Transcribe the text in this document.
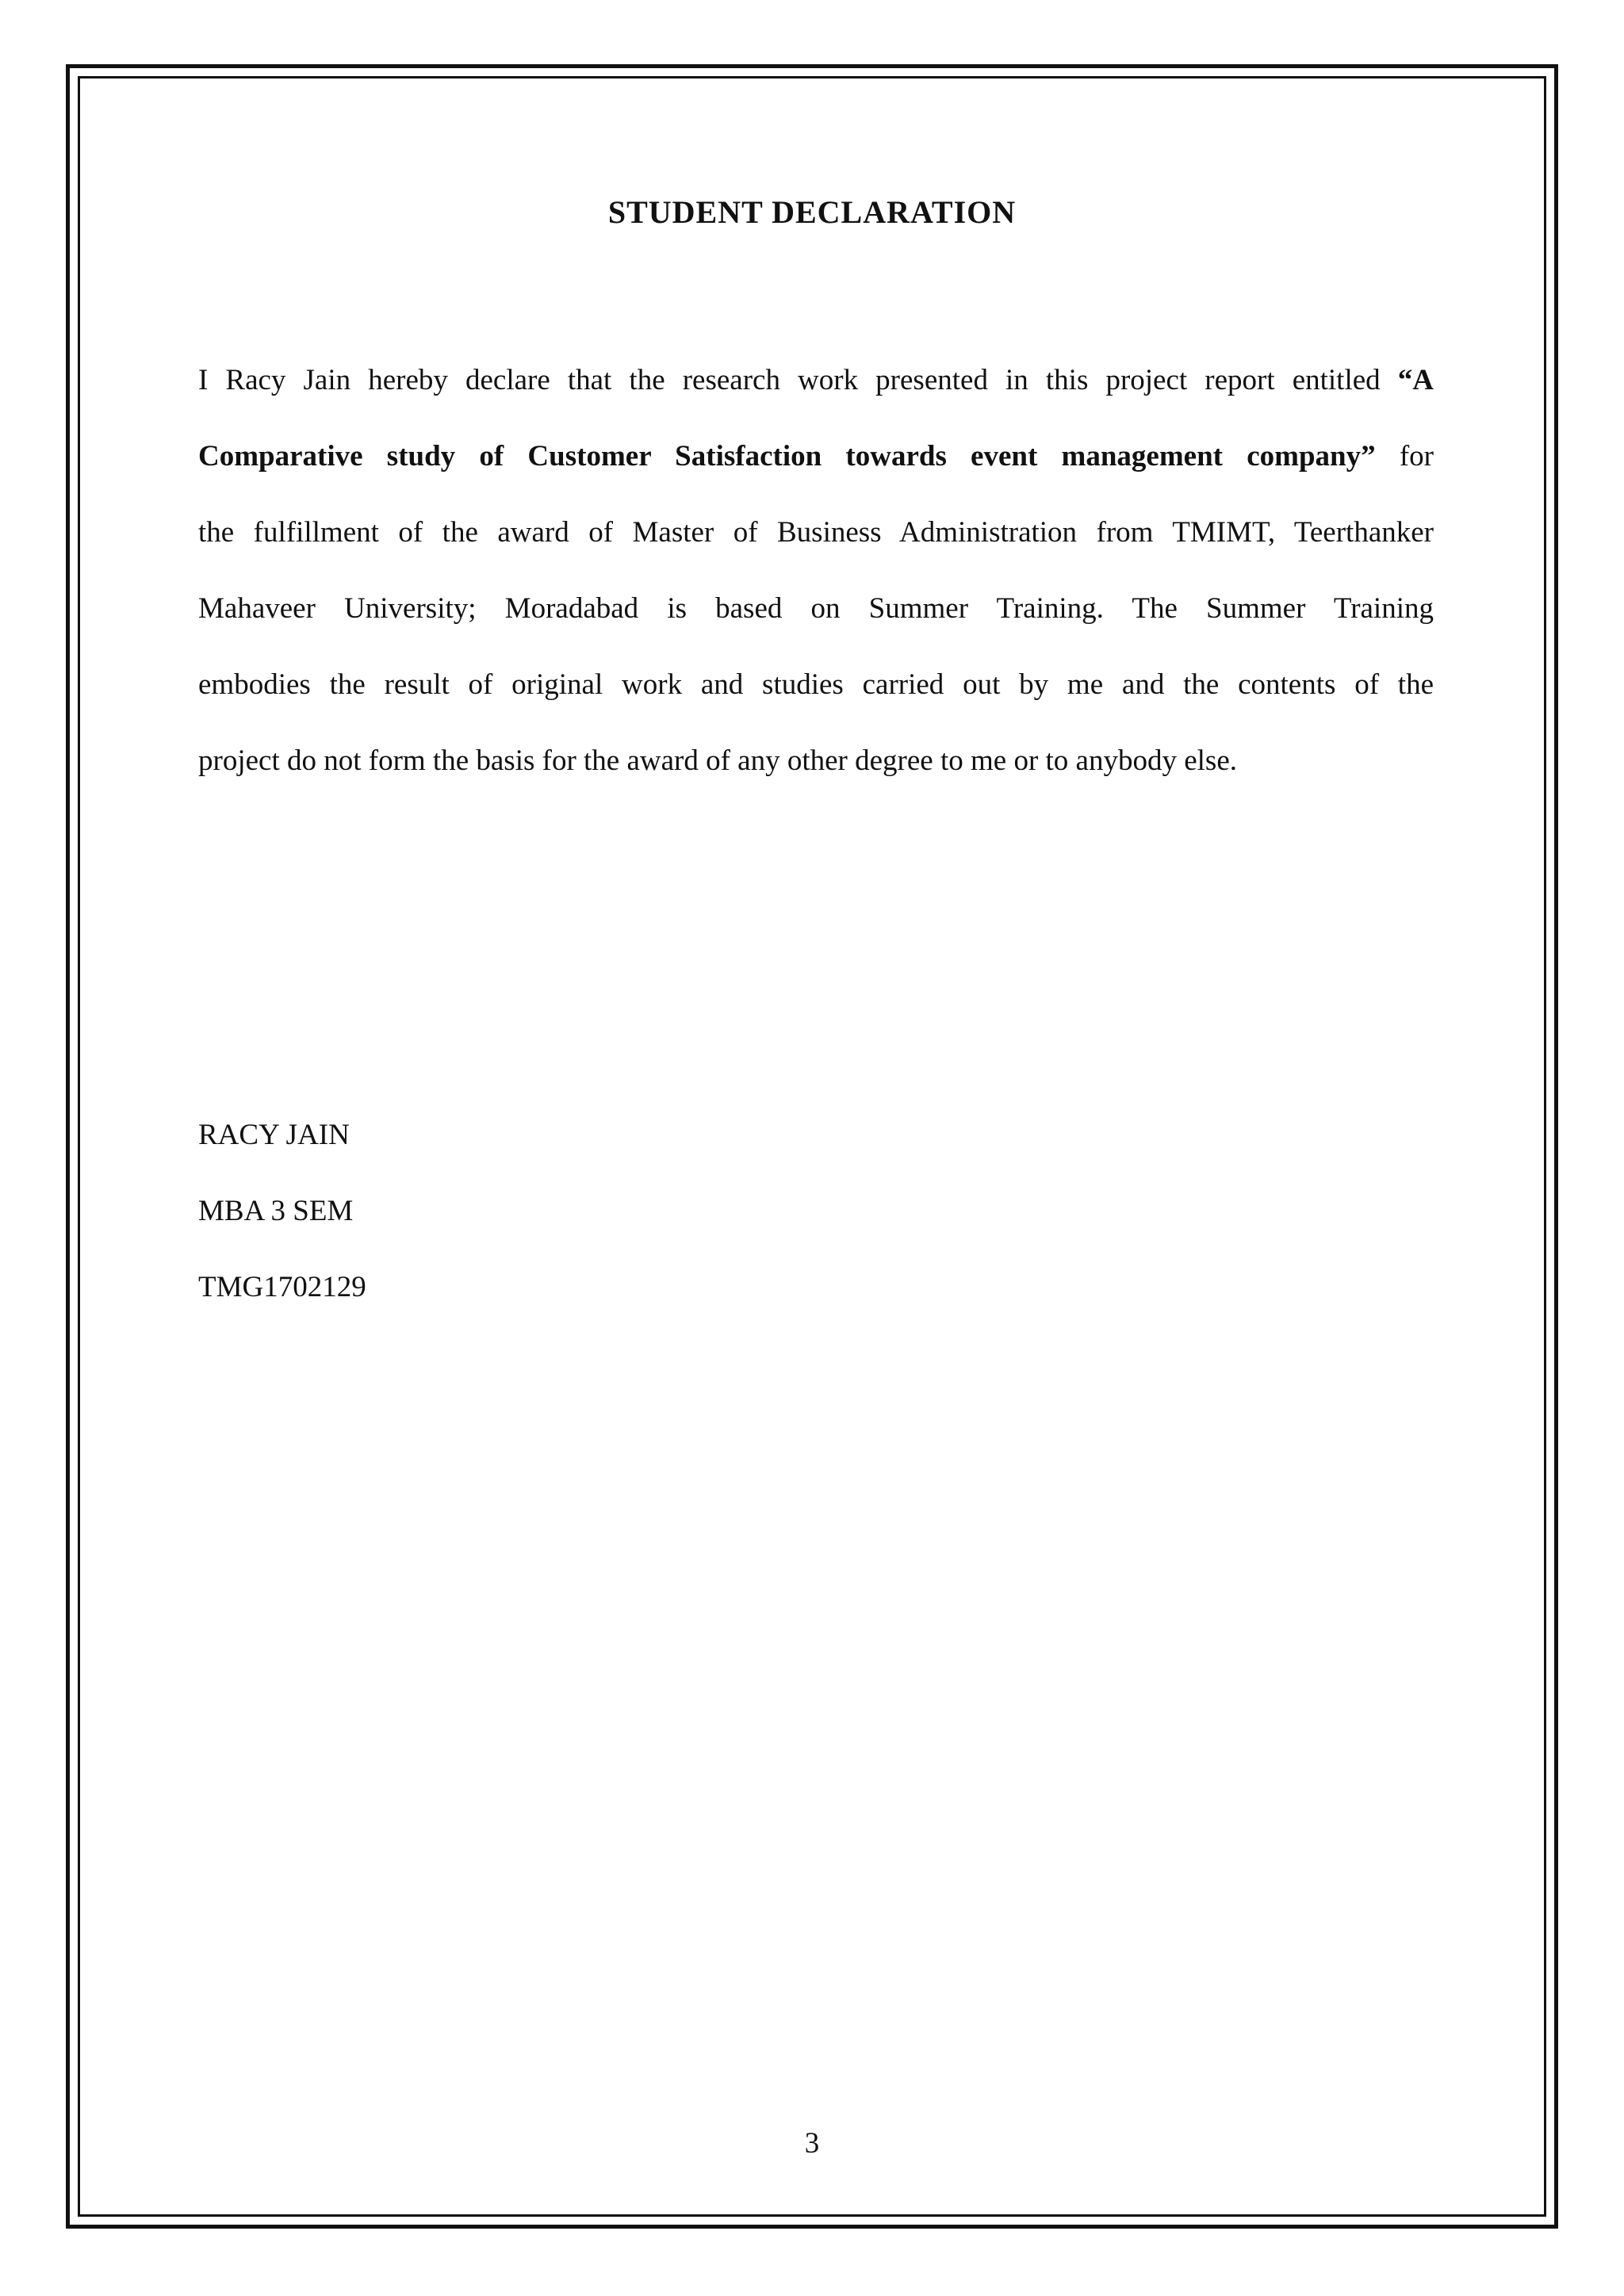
STUDENT DECLARATION
I Racy Jain hereby declare that the research work presented in this project report entitled “A
Comparative study of Customer Satisfaction towards event management company” for
the fulfillment of the award of Master of Business Administration from TMIMT, Teerthanker
Mahaveer University; Moradabad is based on Summer Training. The Summer Training
embodies the result of original work and studies carried out by me and the contents of the
project do not form the basis for the award of any other degree to me or to anybody else.
RACY JAIN
MBA 3 SEM
TMG1702129
3
